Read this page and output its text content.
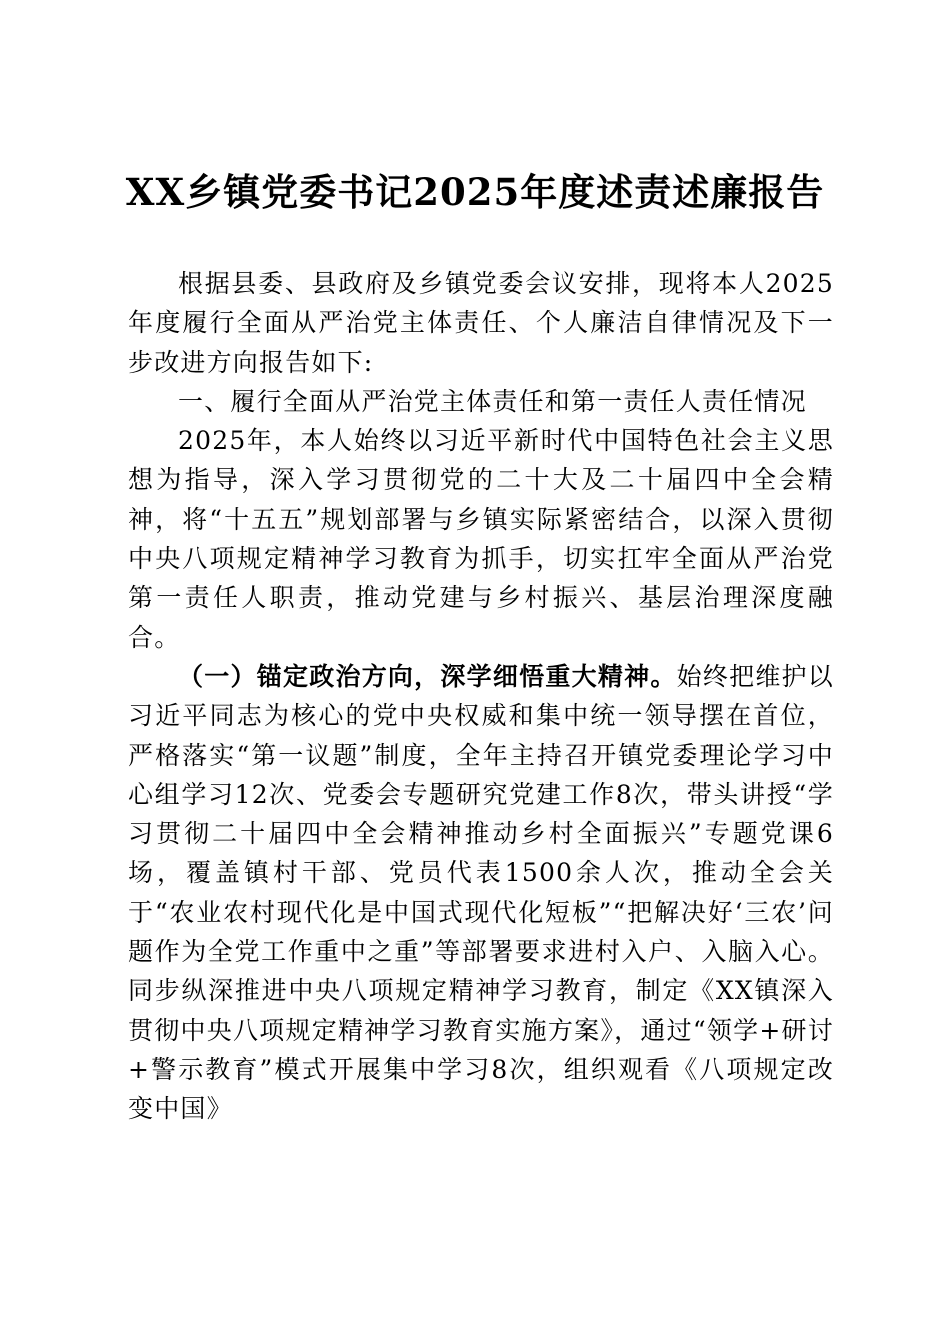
XX乡镇党委书记2025年度述责述廉报告

根据县委、县政府及乡镇党委会议安排，现将本人2025年度履行全面从严治党主体责任、个人廉洁自律情况及下一步改进方向报告如下:

一、履行全面从严治党主体责任和第一责任人责任情况

2025年，本人始终以习近平新时代中国特色社会主义思想为指导，深入学习贯彻党的二十大及二十届四中全会精神，将“十五五”规划部署与乡镇实际紧密结合，以深入贯彻中央八项规定精神学习教育为抓手，切实扛牢全面从严治党第一责任人职责，推动党建与乡村振兴、基层治理深度融合。

（一）锚定政治方向，深学细悟重大精神。始终把维护以习近平同志为核心的党中央权威和集中统一领导摆在首位，严格落实“第一议题”制度，全年主持召开镇党委理论学习中心组学习12次、党委会专题研究党建工作8次，带头讲授“学习贯彻二十届四中全会精神推动乡村全面振兴”专题党课6场，覆盖镇村干部、党员代表1500余人次，推动全会关于“农业农村现代化是中国式现代化短板”“把解决好‘三农’问题作为全党工作重中之重”等部署要求进村入户、入脑入心。同步纵深推进中央八项规定精神学习教育，制定《XX镇深入贯彻中央八项规定精神学习教育实施方案》，通过“领学+研讨+警示教育”模式开展集中学习8次，组织观看《八项规定改变中国》
